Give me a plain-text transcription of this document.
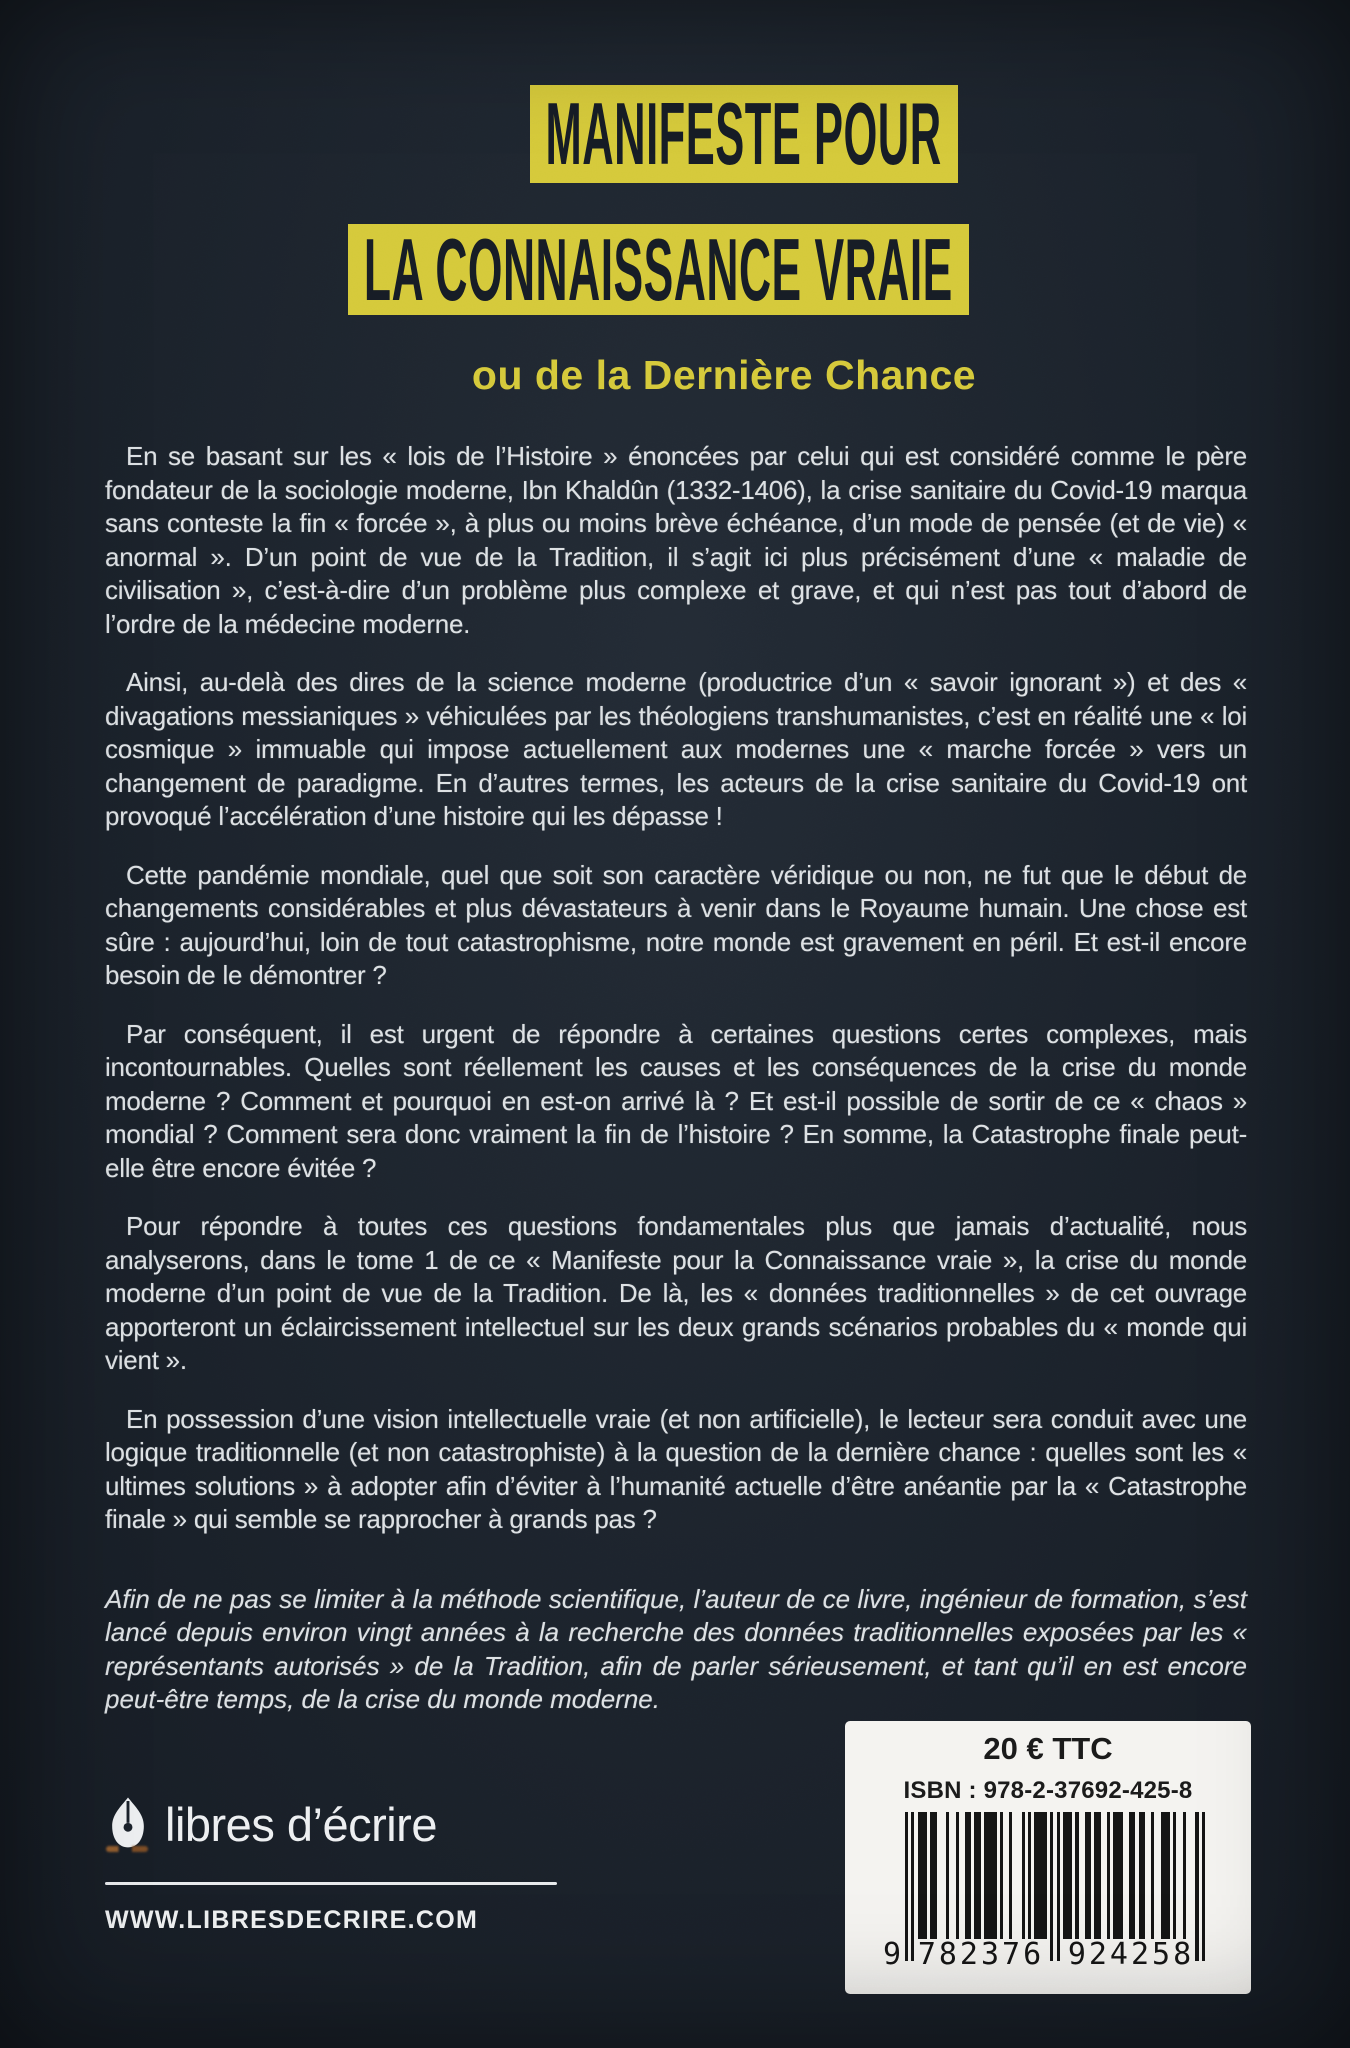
MANIFESTE POUR
LA CONNAISSANCE VRAIE
ou de la Dernière Chance

En se basant sur les « lois de l’Histoire » énoncées par celui qui est considéré comme le père fondateur de la sociologie moderne, Ibn Khaldûn (1332-1406), la crise sanitaire du Covid-19 marqua sans conteste la fin « forcée », à plus ou moins brève échéance, d’un mode de pensée (et de vie) « anormal ». D’un point de vue de la Tradition, il s’agit ici plus précisément d’une « maladie de civilisation », c’est-à-dire d’un problème plus complexe et grave, et qui n’est pas tout d’abord de l’ordre de la médecine moderne.

Ainsi, au-delà des dires de la science moderne (productrice d’un « savoir ignorant ») et des « divagations messianiques » véhiculées par les théologiens transhumanistes, c’est en réalité une « loi cosmique » immuable qui impose actuellement aux modernes une « marche forcée » vers un changement de paradigme. En d’autres termes, les acteurs de la crise sanitaire du Covid-19 ont provoqué l’accélération d’une histoire qui les dépasse !

Cette pandémie mondiale, quel que soit son caractère véridique ou non, ne fut que le début de changements considérables et plus dévastateurs à venir dans le Royaume humain. Une chose est sûre : aujourd’hui, loin de tout catastrophisme, notre monde est gravement en péril. Et est-il encore besoin de le démontrer ?

Par conséquent, il est urgent de répondre à certaines questions certes complexes, mais incontournables. Quelles sont réellement les causes et les conséquences de la crise du monde moderne ? Comment et pourquoi en est-on arrivé là ? Et est-il possible de sortir de ce « chaos » mondial ? Comment sera donc vraiment la fin de l’histoire ? En somme, la Catastrophe finale peut-elle être encore évitée ?

Pour répondre à toutes ces questions fondamentales plus que jamais d’actualité, nous analyserons, dans le tome 1 de ce « Manifeste pour la Connaissance vraie », la crise du monde moderne d’un point de vue de la Tradition. De là, les « données traditionnelles » de cet ouvrage apporteront un éclaircissement intellectuel sur les deux grands scénarios probables du « monde qui vient ».

En possession d’une vision intellectuelle vraie (et non artificielle), le lecteur sera conduit avec une logique traditionnelle (et non catastrophiste) à la question de la dernière chance : quelles sont les « ultimes solutions » à adopter afin d’éviter à l’humanité actuelle d’être anéantie par la « Catastrophe finale » qui semble se rapprocher à grands pas ?

Afin de ne pas se limiter à la méthode scientifique, l’auteur de ce livre, ingénieur de formation, s’est lancé depuis environ vingt années à la recherche des données traditionnelles exposées par les « représentants autorisés » de la Tradition, afin de parler sérieusement, et tant qu’il en est encore peut-être temps, de la crise du monde moderne.

libres d’écrire
WWW.LIBRESDECRIRE.COM
20 € TTC
ISBN : 978-2-37692-425-8
9 782376 924258
